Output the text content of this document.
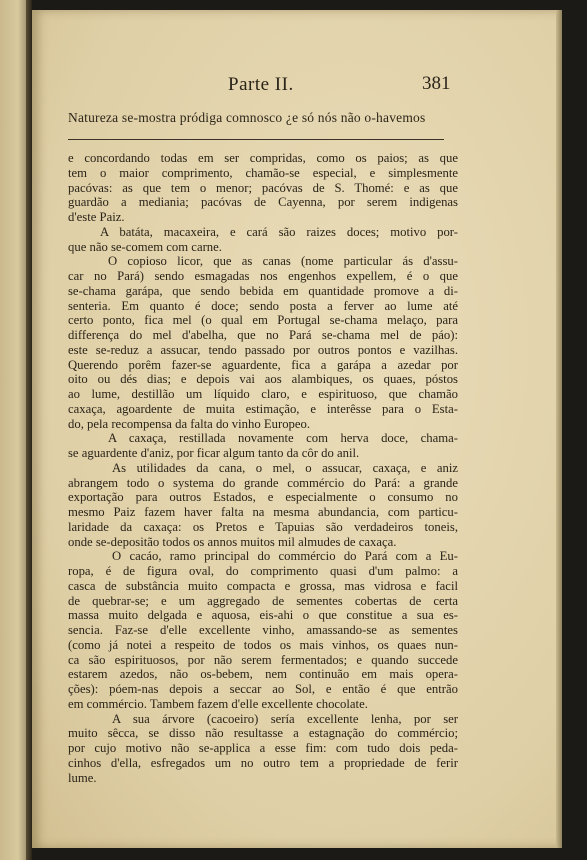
Parte II.	381
Natureza se-mostra pródiga comnosco ¿e só nós não o-havemos
e concordando todas em ser compridas, como os paios; as que
tem o maior comprimento, chamão-se especial, e simplesmente
pacóvas: as que tem o menor; pacóvas de S. Thomé: e as que
guardão a mediania; pacóvas de Cayenna, por serem indigenas
d'este Paiz.
A batáta, macaxeira, e cará são raizes doces; motivo por-
que não se-comem com carne.
O copioso licor, que as canas (nome particular ás d'assu-
car no Pará) sendo esmagadas nos engenhos expellem, é o que
se-chama garápa, que sendo bebida em quantidade promove a di-
senteria. Em quanto é doce; sendo posta a ferver ao lume até
certo ponto, fica mel (o qual em Portugal se-chama melaço, para
differença do mel d'abelha, que no Pará se-chama mel de páo):
este se-reduz a assucar, tendo passado por outros pontos e vazilhas.
Querendo porêm fazer-se aguardente, fica a garápa a azedar por
oito ou dés dias; e depois vai aos alambiques, os quaes, póstos
ao lume, destillão um líquido claro, e espirituoso, que chamão
caxaça, agoardente de muita estimação, e interêsse para o Esta-
do, pela recompensa da falta do vinho Europeo.
A caxaça, restillada novamente com herva doce, chama-
se aguardente d'aniz, por ficar algum tanto da côr do anil.
As utilidades da cana, o mel, o assucar, caxaça, e aniz
abrangem todo o systema do grande commércio do Pará: a grande
exportação para outros Estados, e especialmente o consumo no
mesmo Paiz fazem haver falta na mesma abundancia, com particu-
laridade da caxaça: os Pretos e Tapuias são verdadeiros toneis,
onde se-depositão todos os annos muitos mil almudes de caxaça.
O cacáo, ramo principal do commércio do Pará com a Eu-
ropa, é de figura oval, do comprimento quasi d'um palmo: a
casca de substância muito compacta e grossa, mas vidrosa e facil
de quebrar-se; e um aggregado de sementes cobertas de certa
massa muito delgada e aquosa, eis-ahi o que constitue a sua es-
sencia. Faz-se d'elle excellente vinho, amassando-se as sementes
(como já notei a respeito de todos os mais vinhos, os quaes nun-
ca são espirituosos, por não serem fermentados; e quando succede
estarem azedos, não os-bebem, nem continuão em mais opera-
ções): póem-nas depois a seccar ao Sol, e então é que entrão
em commércio. Tambem fazem d'elle excellente chocolate.
A sua árvore (cacoeiro) sería excellente lenha, por ser
muito sêcca, se disso não resultasse a estagnação do commércio;
por cujo motivo não se-applica a esse fim: com tudo dois peda-
cinhos d'ella, esfregados um no outro tem a propriedade de ferir
lume.
